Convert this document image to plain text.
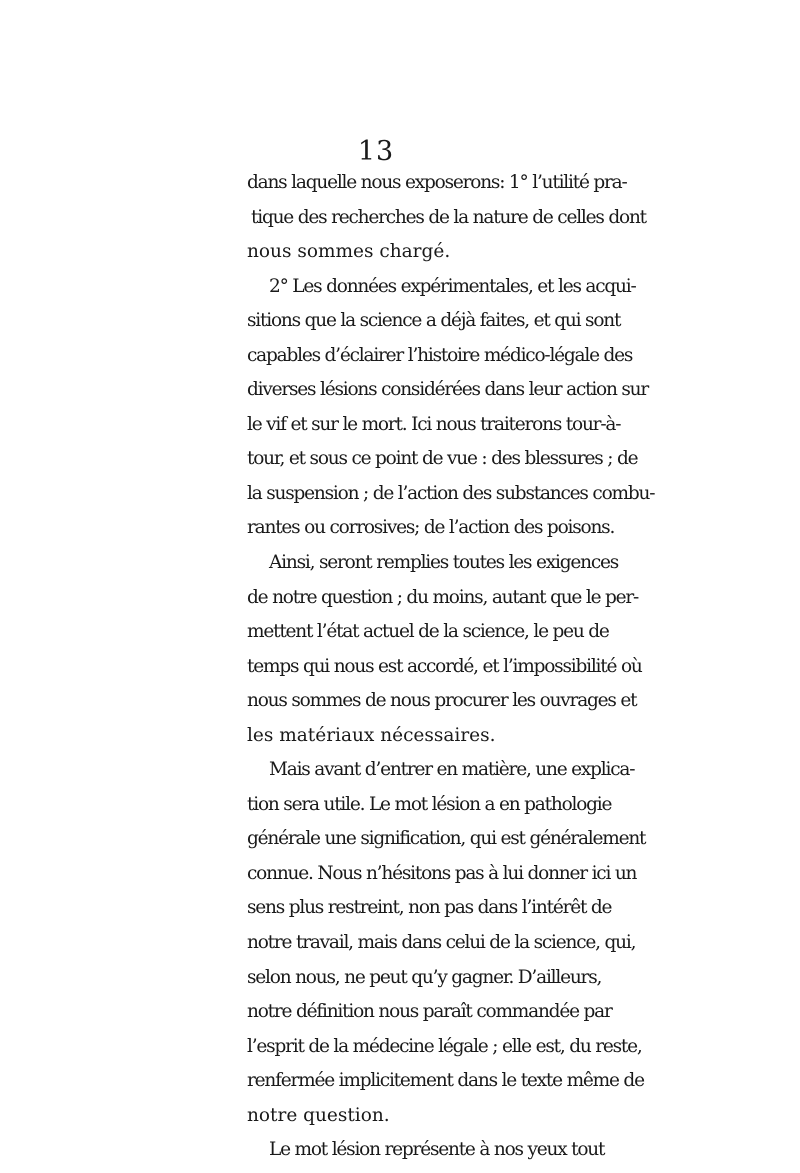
13
dans laquelle nous exposerons: 1° l’utilité pra-
tique des recherches de la nature de celles dont
nous sommes chargé.
2° Les données expérimentales, et les acqui-
sitions que la science a déjà faites, et qui sont
capables d’éclairer l’histoire médico-légale des
diverses lésions considérées dans leur action sur
le vif et sur le mort. Ici nous traiterons tour-à-
tour, et sous ce point de vue : des blessures ; de
la suspension ; de l’action des substances combu-
rantes ou corrosives; de l’action des poisons.
Ainsi, seront remplies toutes les exigences
de notre question ; du moins, autant que le per-
mettent l’état actuel de la science, le peu de
temps qui nous est accordé, et l’impossibilité où
nous sommes de nous procurer les ouvrages et
les matériaux nécessaires.
Mais avant d’entrer en matière, une explica-
tion sera utile. Le mot lésion a en pathologie
générale une signification, qui est généralement
connue. Nous n’hésitons pas à lui donner ici un
sens plus restreint, non pas dans l’intérêt de
notre travail, mais dans celui de la science, qui,
selon nous, ne peut qu’y gagner. D’ailleurs,
notre définition nous paraît commandée par
l’esprit de la médecine légale ; elle est, du reste,
renfermée implicitement dans le texte même de
notre question.
Le mot lésion représente à nos yeux tout
